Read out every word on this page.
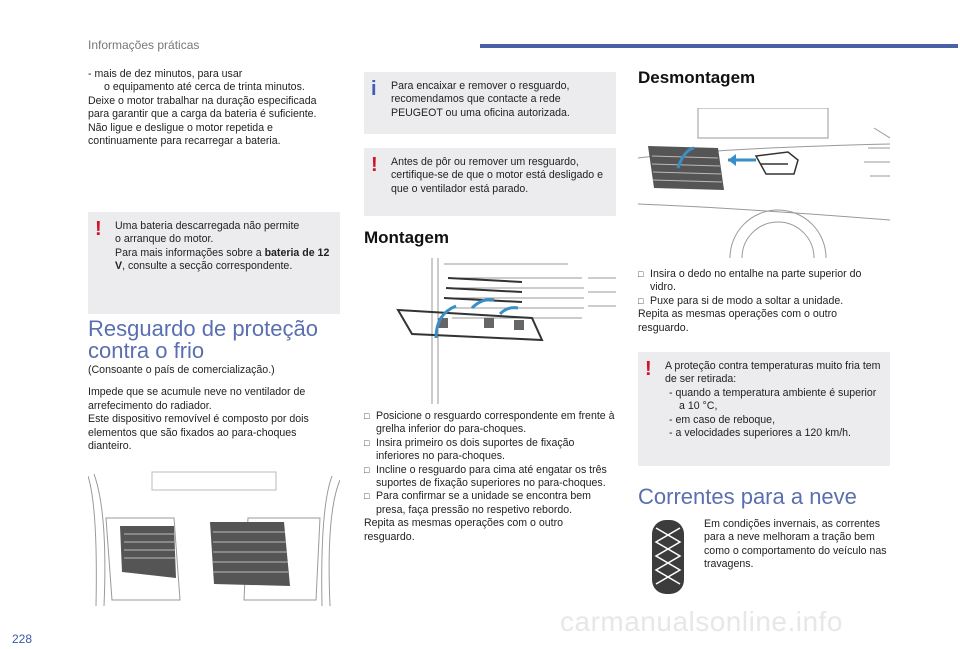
Informações práticas

- mais de dez minutos, para usar

o equipamento até cerca de trinta minutos.

Deixe o motor trabalhar na duração especificada para garantir que a carga da bateria é suficiente.

Não ligue e desligue o motor repetida e continuamente para recarregar a bateria.

! Uma bateria descarregada não permite

o arranque do motor.

Para mais informações sobre a bateria de 12 V, consulte a secção correspondente.

Resguardo de proteção
contra o frio

(Consoante o país de comercialização.)

Impede que se acumule neve no ventilador de arrefecimento do radiador.

Este dispositivo removível é composto por dois elementos que são fixados ao para-choques dianteiro.

i Para encaixar e remover o resguardo, recomendamos que contacte a rede PEUGEOT ou uma oficina autorizada.
! Antes de pôr ou remover um resguardo, certifique-se de que o motor está desligado e que o ventilador está parado.
Montagem
□ Posicione o resguardo correspondente em frente à grelha inferior do para-choques.
□ Insira primeiro os dois suportes de fixação inferiores no para-choques.
□ Incline o resguardo para cima até engatar os três suportes de fixação superiores no para-choques.
□ Para confirmar se a unidade se encontra bem presa, faça pressão no respetivo rebordo.

Repita as mesmas operações com o outro resguardo.

Desmontagem
□ Insira o dedo no entalhe na parte superior do vidro.
□ Puxe para si de modo a soltar a unidade.

Repita as mesmas operações com o outro resguardo.

! A proteção contra temperaturas muito fria tem de ser retirada:

- quando a temperatura ambiente é superior a 10 °C,

- em caso de reboque,

- a velocidades superiores a 120 km/h.

Correntes para a neve
Em condições invernais, as correntes para a neve melhoram a tração bem como o comportamento do veículo nas travagens.
228
carmanualsonline.info
